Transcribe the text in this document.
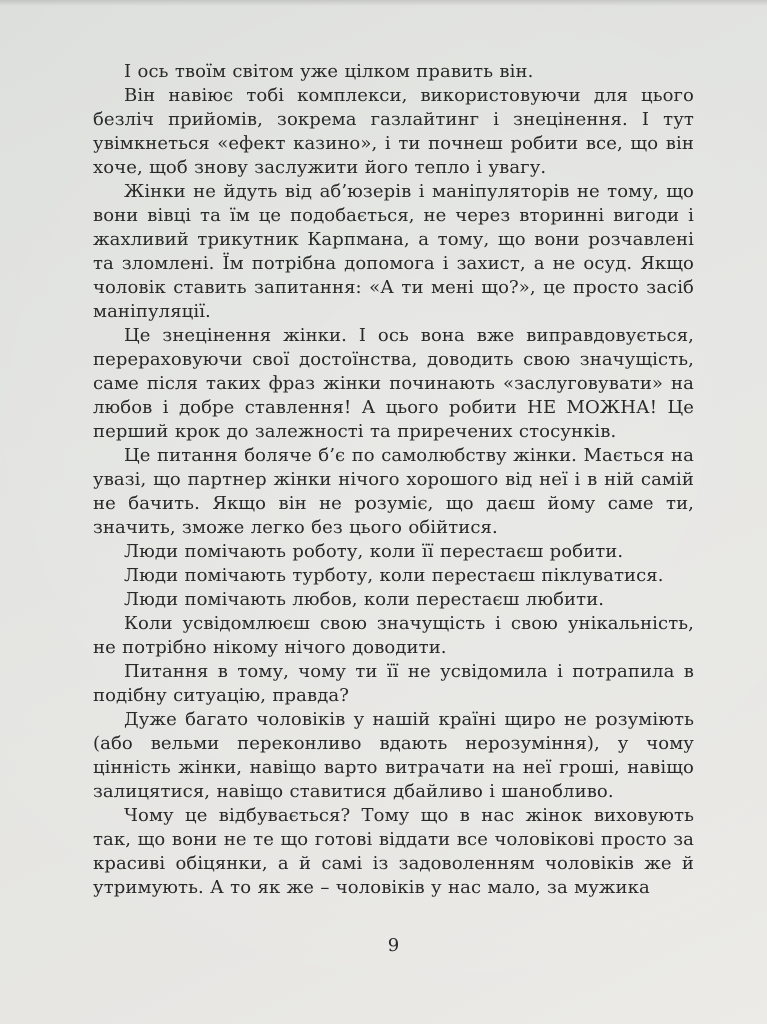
І ось твоїм світом уже цілком править він.

Він навіює тобі комплекси, використовуючи для цього безліч прийомів, зокрема газлайтинг і знецінення. І тут увімкнеться «ефект казино», і ти почнеш робити все, що він хоче, щоб знову заслужити його тепло і увагу.

Жінки не йдуть від аб’юзерів і маніпуляторів не тому, що вони вівці та їм це подобається, не через вторинні вигоди і жахливий трикутник Карпмана, а тому, що вони розчавлені та зломлені. Їм потрібна допомога і захист, а не осуд. Якщо чоловік ставить запитання: «А ти мені що?», це просто засіб маніпуляції.

Це знецінення жінки. І ось вона вже виправдовується, перераховуючи свої достоїнства, доводить свою значущість, саме після таких фраз жінки починають «заслуговувати» на любов і добре ставлення! А цього робити НЕ МОЖНА! Це перший крок до залежності та приречених стосунків.

Це питання боляче б’є по самолюбству жінки. Мається на увазі, що партнер жінки нічого хорошого від неї і в ній самій не бачить. Якщо він не розуміє, що даєш йому саме ти, значить, зможе легко без цього обійтися.

Люди помічають роботу, коли її перестаєш робити.

Люди помічають турботу, коли перестаєш піклуватися.

Люди помічають любов, коли перестаєш любити.

Коли усвідомлюєш свою значущість і свою унікальність, не потрібно нікому нічого доводити.

Питання в тому, чому ти її не усвідомила і потрапила в подібну ситуацію, правда?

Дуже багато чоловіків у нашій країні щиро не розуміють (або вельми переконливо вдають нерозуміння), у чому цінність жінки, навіщо варто витрачати на неї гроші, навіщо залицятися, навіщо ставитися дбайливо і шанобливо.

Чому це відбувається? Тому що в нас жінок виховують так, що вони не те що готові віддати все чоловікові просто за красиві обіцянки, а й самі із задоволенням чоловіків же й утримують. А то як же – чоловіків у нас мало, за мужика

9
